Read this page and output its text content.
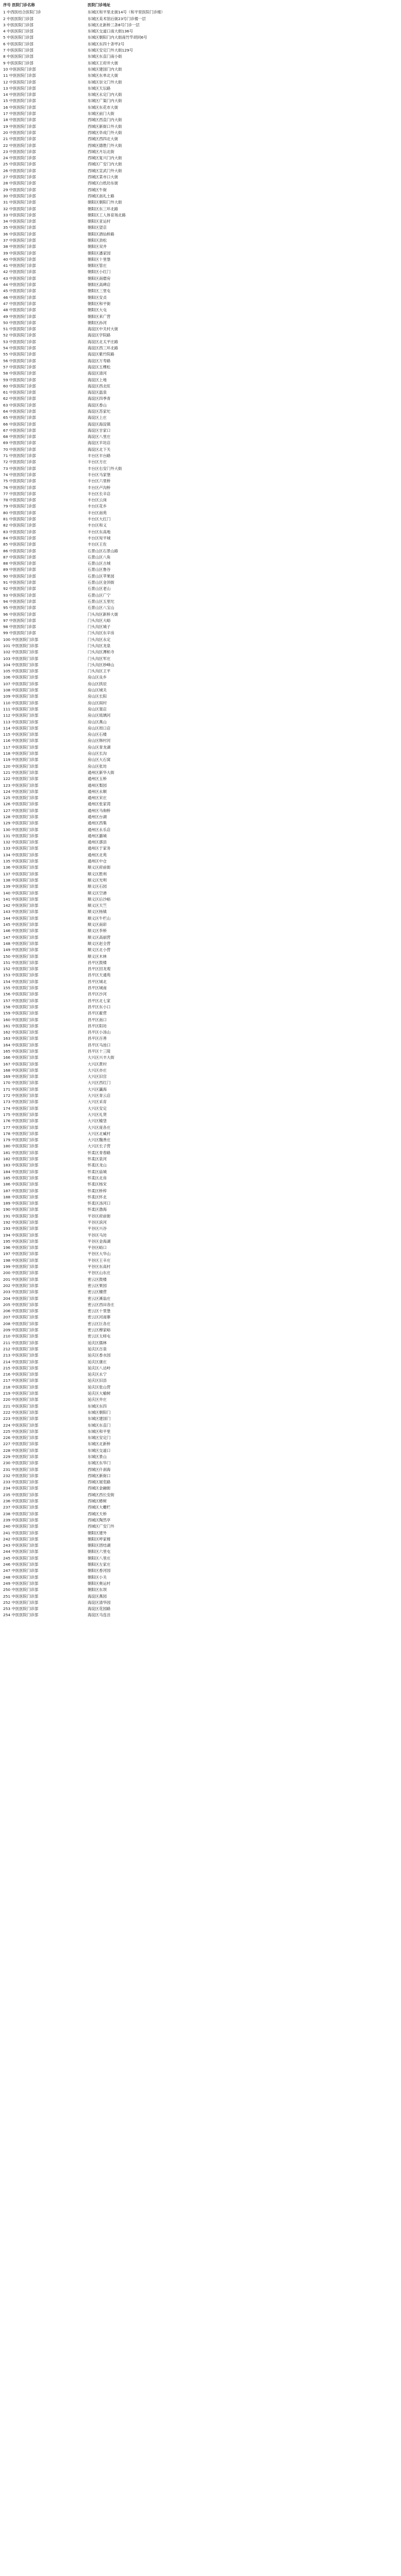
序号 医院门诊名称	医院门诊地址
1 中西医结合医院门诊	东城区和平里北街14号（和平里医院门诊楼）
2 中医医院门诊部	东城区美术馆后街23号门诊楼一层
3 中医医院门诊部	东城区北新桥三条8号门诊一层
4 中医医院门诊部	东城区交道口南大街136号
5 中医医院门诊部	东城区朝阳门内大街南竹竿胡同6号
6 中医医院门诊部	东城区东四十条甲2号
7 中医医院门诊部	东城区安定门外大街129号
8 中医医院门诊部	东城区东直门南小街
9 中医医院门诊部	东城区王府井大街
10 中医医院门诊部	东城区建国门内大街
11 中医医院门诊部	东城区东单北大街
12 中医医院门诊部	东城区崇文门外大街
13 中医医院门诊部	东城区天坛路
14 中医医院门诊部	东城区永定门内大街
15 中医医院门诊部	东城区广渠门内大街
16 中医医院门诊部	东城区东花市大街
17 中医医院门诊部	东城区前门大街
18 中医医院门诊部	西城区西直门内大街
19 中医医院门诊部	西城区新街口外大街
20 中医医院门诊部	西城区阜成门外大街
21 中医医院门诊部	西城区西四北大街
22 中医医院门诊部	西城区德胜门外大街
23 中医医院门诊部	西城区月坛北街
24 中医医院门诊部	西城区复兴门内大街
25 中医医院门诊部	西城区广安门内大街
26 中医医院门诊部	西城区宣武门外大街
27 中医医院门诊部	西城区菜市口大街
28 中医医院门诊部	西城区白纸坊东街
29 中医医院门诊部	西城区牛街
30 中医医院门诊部	西城区南礼士路
31 中医医院门诊部	朝阳区朝阳门外大街
32 中医医院门诊部	朝阳区东三环北路
33 中医医院门诊部	朝阳区工人体育场北路
34 中医医院门诊部	朝阳区亚运村
35 中医医院门诊部	朝阳区望京
36 中医医院门诊部	朝阳区酒仙桥路
37 中医医院门诊部	朝阳区劲松
38 中医医院门诊部	朝阳区双井
39 中医医院门诊部	朝阳区潘家园
40 中医医院门诊部	朝阳区十里堡
41 中医医院门诊部	朝阳区管庄
42 中医医院门诊部	朝阳区小红门
43 中医医院门诊部	朝阳区南磨房
44 中医医院门诊部	朝阳区高碑店
45 中医医院门诊部	朝阳区三里屯
46 中医医院门诊部	朝阳区安贞
47 中医医院门诊部	朝阳区和平街
48 中医医院门诊部	朝阳区大屯
49 中医医院门诊部	朝阳区来广营
50 中医医院门诊部	朝阳区孙河
51 中医医院门诊部	海淀区中关村大街
52 中医医院门诊部	海淀区学院路
53 中医医院门诊部	海淀区北太平庄路
54 中医医院门诊部	海淀区西三环北路
55 中医医院门诊部	海淀区紫竹院路
56 中医医院门诊部	海淀区万寿路
57 中医医院门诊部	海淀区五棵松
58 中医医院门诊部	海淀区清河
59 中医医院门诊部	海淀区上地
60 中医医院门诊部	海淀区西北旺
61 中医医院门诊部	海淀区温泉
62 中医医院门诊部	海淀区四季青
63 中医医院门诊部	海淀区香山
64 中医医院门诊部	海淀区苏家坨
65 中医医院门诊部	海淀区上庄
66 中医医院门诊部	海淀区海淀镇
67 中医医院门诊部	海淀区甘家口
68 中医医院门诊部	海淀区八里庄
69 中医医院门诊部	海淀区羊坊店
70 中医医院门诊部	海淀区北下关
71 中医医院门诊部	丰台区丰台路
72 中医医院门诊部	丰台区方庄
73 中医医院门诊部	丰台区右安门外大街
74 中医医院门诊部	丰台区马家堡
75 中医医院门诊部	丰台区六里桥
76 中医医院门诊部	丰台区卢沟桥
77 中医医院门诊部	丰台区长辛店
78 中医医院门诊部	丰台区云岗
79 中医医院门诊部	丰台区花乡
80 中医医院门诊部	丰台区南苑
81 中医医院门诊部	丰台区大红门
82 中医医院门诊部	丰台区和义
83 中医医院门诊部	丰台区东高地
84 中医医院门诊部	丰台区宛平城
85 中医医院门诊部	丰台区王佐
86 中医医院门诊部	石景山区石景山路
87 中医医院门诊部	石景山区八角
88 中医医院门诊部	石景山区古城
89 中医医院门诊部	石景山区鲁谷
90 中医医院门诊部	石景山区苹果园
91 中医医院门诊部	石景山区金顶街
92 中医医院门诊部	石景山区老山
93 中医医院门诊部	石景山区广宁
94 中医医院门诊部	石景山区五里坨
95 中医医院门诊部	石景山区八宝山
96 中医医院门诊部	门头沟区新桥大街
97 中医医院门诊部	门头沟区大峪
98 中医医院门诊部	门头沟区城子
99 中医医院门诊部	门头沟区东辛房
100 中医医院门诊部	门头沟区永定
101 中医医院门诊部	门头沟区龙泉
102 中医医院门诊部	门头沟区潭柘寺
103 中医医院门诊部	门头沟区军庄
104 中医医院门诊部	门头沟区妙峰山
105 中医医院门诊部	门头沟区王平
106 中医医院门诊部	房山区良乡
107 中医医院门诊部	房山区拱辰
108 中医医院门诊部	房山区城关
109 中医医院门诊部	房山区长阳
110 中医医院门诊部	房山区阎村
111 中医医院门诊部	房山区窦店
112 中医医院门诊部	房山区琉璃河
113 中医医院门诊部	房山区燕山
114 中医医院门诊部	房山区周口店
115 中医医院门诊部	房山区石楼
116 中医医院门诊部	房山区韩村河
117 中医医院门诊部	房山区青龙湖
118 中医医院门诊部	房山区长沟
119 中医医院门诊部	房山区大石窝
120 中医医院门诊部	房山区张坊
121 中医医院门诊部	通州区新华大街
122 中医医院门诊部	通州区玉桥
123 中医医院门诊部	通州区梨园
124 中医医院门诊部	通州区永顺
125 中医医院门诊部	通州区宋庄
126 中医医院门诊部	通州区张家湾
127 中医医院门诊部	通州区马驹桥
128 中医医院门诊部	通州区台湖
129 中医医院门诊部	通州区西集
130 中医医院门诊部	通州区永乐店
131 中医医院门诊部	通州区潞城
132 中医医院门诊部	通州区漷县
133 中医医院门诊部	通州区于家务
134 中医医院门诊部	通州区北苑
135 中医医院门诊部	通州区中仓
136 中医医院门诊部	顺义区府前街
137 中医医院门诊部	顺义区胜利
138 中医医院门诊部	顺义区光明
139 中医医院门诊部	顺义区石园
140 中医医院门诊部	顺义区空港
141 中医医院门诊部	顺义区后沙峪
142 中医医院门诊部	顺义区天竺
143 中医医院门诊部	顺义区杨镇
144 中医医院门诊部	顺义区牛栏山
145 中医医院门诊部	顺义区南彩
146 中医医院门诊部	顺义区李桥
147 中医医院门诊部	顺义区高丽营
148 中医医院门诊部	顺义区赵全营
149 中医医院门诊部	顺义区北小营
150 中医医院门诊部	顺义区木林
151 中医医院门诊部	昌平区鼓楼
152 中医医院门诊部	昌平区回龙观
153 中医医院门诊部	昌平区天通苑
154 中医医院门诊部	昌平区城北
155 中医医院门诊部	昌平区城南
156 中医医院门诊部	昌平区沙河
157 中医医院门诊部	昌平区北七家
158 中医医院门诊部	昌平区东小口
159 中医医院门诊部	昌平区霍营
160 中医医院门诊部	昌平区南口
161 中医医院门诊部	昌平区阳坊
162 中医医院门诊部	昌平区小汤山
163 中医医院门诊部	昌平区百善
164 中医医院门诊部	昌平区马池口
165 中医医院门诊部	昌平区十三陵
166 中医医院门诊部	大兴区兴丰大街
167 中医医院门诊部	大兴区黄村
168 中医医院门诊部	大兴区亦庄
169 中医医院门诊部	大兴区旧宫
170 中医医院门诊部	大兴区西红门
171 中医医院门诊部	大兴区瀛海
172 中医医院门诊部	大兴区青云店
173 中医医院门诊部	大兴区采育
174 中医医院门诊部	大兴区安定
175 中医医院门诊部	大兴区礼贤
176 中医医院门诊部	大兴区榆垡
177 中医医院门诊部	大兴区庞各庄
178 中医医院门诊部	大兴区北臧村
179 中医医院门诊部	大兴区魏善庄
180 中医医院门诊部	大兴区长子营
181 中医医院门诊部	怀柔区青春路
182 中医医院门诊部	怀柔区泉河
183 中医医院门诊部	怀柔区龙山
184 中医医院门诊部	怀柔区庙城
185 中医医院门诊部	怀柔区北房
186 中医医院门诊部	怀柔区杨宋
187 中医医院门诊部	怀柔区桥梓
188 中医医院门诊部	怀柔区怀北
189 中医医院门诊部	怀柔区汤河口
190 中医医院门诊部	怀柔区渤海
191 中医医院门诊部	平谷区府前街
192 中医医院门诊部	平谷区滨河
193 中医医院门诊部	平谷区兴谷
194 中医医院门诊部	平谷区马坊
195 中医医院门诊部	平谷区金海湖
196 中医医院门诊部	平谷区峪口
197 中医医院门诊部	平谷区大华山
198 中医医院门诊部	平谷区王辛庄
199 中医医院门诊部	平谷区东高村
200 中医医院门诊部	平谷区山东庄
201 中医医院门诊部	密云区鼓楼
202 中医医院门诊部	密云区果园
203 中医医院门诊部	密云区檀营
204 中医医院门诊部	密云区溪翁庄
205 中医医院门诊部	密云区西田各庄
206 中医医院门诊部	密云区十里堡
207 中医医院门诊部	密云区河南寨
208 中医医院门诊部	密云区巨各庄
209 中医医院门诊部	密云区穆家峪
210 中医医院门诊部	密云区太师屯
211 中医医院门诊部	延庆区儒林
212 中医医院门诊部	延庆区百泉
213 中医医院门诊部	延庆区香水园
214 中医医院门诊部	延庆区康庄
215 中医医院门诊部	延庆区八达岭
216 中医医院门诊部	延庆区永宁
217 中医医院门诊部	延庆区旧县
218 中医医院门诊部	延庆区张山营
219 中医医院门诊部	延庆区大榆树
220 中医医院门诊部	延庆区井庄
221 中医医院门诊部	东城区东四
222 中医医院门诊部	东城区朝阳门
223 中医医院门诊部	东城区建国门
224 中医医院门诊部	东城区东直门
225 中医医院门诊部	东城区和平里
226 中医医院门诊部	东城区安定门
227 中医医院门诊部	东城区北新桥
228 中医医院门诊部	东城区交道口
229 中医医院门诊部	东城区景山
230 中医医院门诊部	东城区东华门
231 中医医院门诊部	西城区什刹海
232 中医医院门诊部	西城区新街口
233 中医医院门诊部	西城区展览路
234 中医医院门诊部	西城区金融街
235 中医医院门诊部	西城区西长安街
236 中医医院门诊部	西城区椿树
237 中医医院门诊部	西城区大栅栏
238 中医医院门诊部	西城区天桥
239 中医医院门诊部	西城区陶然亭
240 中医医院门诊部	西城区广安门外
241 中医医院门诊部	朝阳区建外
242 中医医院门诊部	朝阳区呼家楼
243 中医医院门诊部	朝阳区团结湖
244 中医医院门诊部	朝阳区六里屯
245 中医医院门诊部	朝阳区八里庄
246 中医医院门诊部	朝阳区左家庄
247 中医医院门诊部	朝阳区香河园
248 中医医院门诊部	朝阳区小关
249 中医医院门诊部	朝阳区奥运村
250 中医医院门诊部	朝阳区东坝
251 中医医院门诊部	海淀区燕园
252 中医医院门诊部	海淀区清华园
253 中医医院门诊部	海淀区花园路
254 中医医院门诊部	海淀区马连洼
